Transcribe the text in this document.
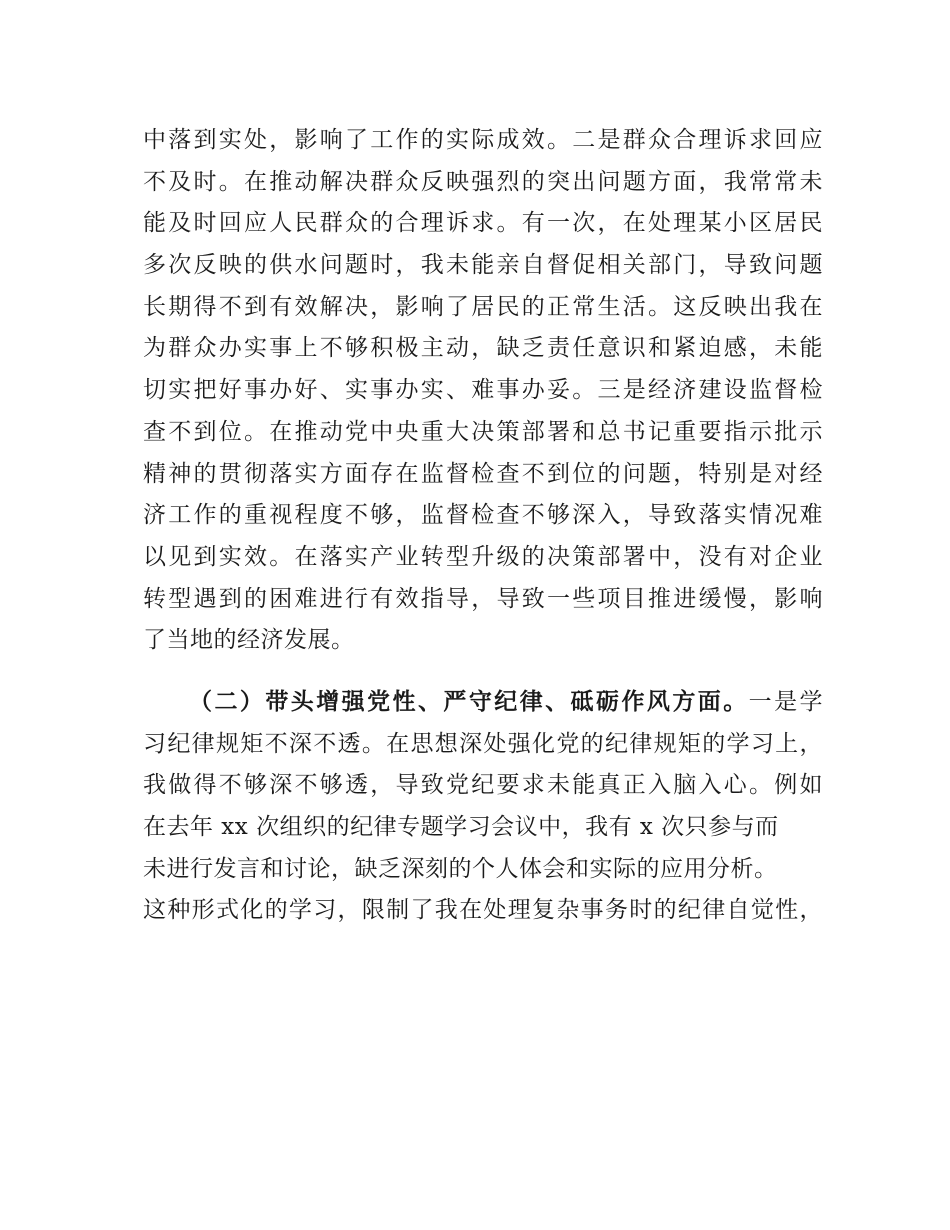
中落到实处，影响了工作的实际成效。二是群众合理诉求回应
不及时。在推动解决群众反映强烈的突出问题方面，我常常未
能及时回应人民群众的合理诉求。有一次，在处理某小区居民
多次反映的供水问题时，我未能亲自督促相关部门，导致问题
长期得不到有效解决，影响了居民的正常生活。这反映出我在
为群众办实事上不够积极主动，缺乏责任意识和紧迫感，未能
切实把好事办好、实事办实、难事办妥。三是经济建设监督检
查不到位。在推动党中央重大决策部署和总书记重要指示批示
精神的贯彻落实方面存在监督检查不到位的问题，特别是对经
济工作的重视程度不够，监督检查不够深入，导致落实情况难
以见到实效。在落实产业转型升级的决策部署中，没有对企业
转型遇到的困难进行有效指导，导致一些项目推进缓慢，影响
了当地的经济发展。
（二）带头增强党性、严守纪律、砥砺作风方面。一是学
习纪律规矩不深不透。在思想深处强化党的纪律规矩的学习上，
我做得不够深不够透，导致党纪要求未能真正入脑入心。例如
在去年 xx 次组织的纪律专题学习会议中，我有 x 次只参与而
未进行发言和讨论，缺乏深刻的个人体会和实际的应用分析。
这种形式化的学习，限制了我在处理复杂事务时的纪律自觉性，
